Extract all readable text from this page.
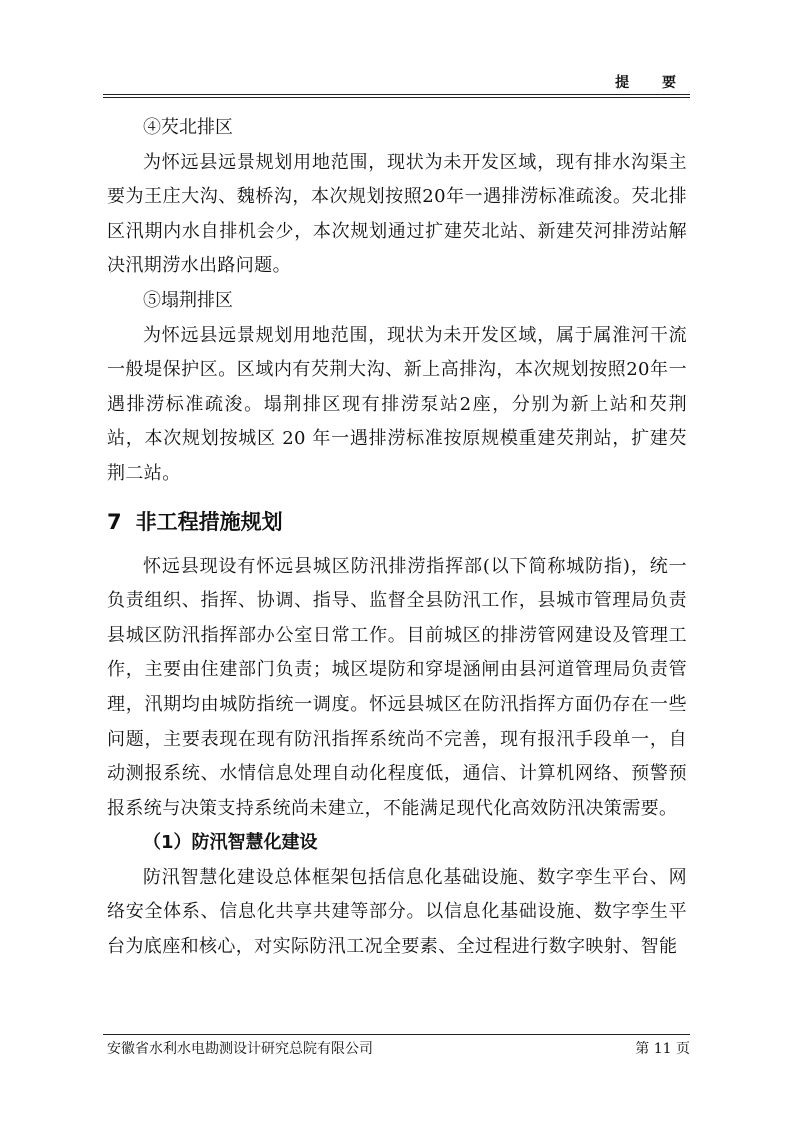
提 要

④芡北排区

为怀远县远景规划用地范围，现状为未开发区域，现有排水沟渠主要为王庄大沟、魏桥沟，本次规划按照20年一遇排涝标准疏浚。芡北排区汛期内水自排机会少，本次规划通过扩建芡北站、新建芡河排涝站解决汛期涝水出路问题。

⑤塌荆排区

为怀远县远景规划用地范围，现状为未开发区域，属于属淮河干流一般堤保护区。区域内有芡荆大沟、新上高排沟，本次规划按照20年一遇排涝标准疏浚。塌荆排区现有排涝泵站2座，分别为新上站和芡荆站，本次规划按城区 20 年一遇排涝标准按原规模重建芡荆站，扩建芡荆二站。

7 非工程措施规划

怀远县现设有怀远县城区防汛排涝指挥部(以下简称城防指)，统一负责组织、指挥、协调、指导、监督全县防汛工作，县城市管理局负责县城区防汛指挥部办公室日常工作。目前城区的排涝管网建设及管理工作，主要由住建部门负责；城区堤防和穿堤涵闸由县河道管理局负责管理，汛期均由城防指统一调度。怀远县城区在防汛指挥方面仍存在一些问题，主要表现在现有防汛指挥系统尚不完善，现有报汛手段单一，自动测报系统、水情信息处理自动化程度低，通信、计算机网络、预警预报系统与决策支持系统尚未建立，不能满足现代化高效防汛决策需要。

（1）防汛智慧化建设

防汛智慧化建设总体框架包括信息化基础设施、数字孪生平台、网络安全体系、信息化共享共建等部分。以信息化基础设施、数字孪生平台为底座和核心，对实际防汛工况全要素、全过程进行数字映射、智能

安徽省水利水电勘测设计研究总院有限公司	第 11 页
